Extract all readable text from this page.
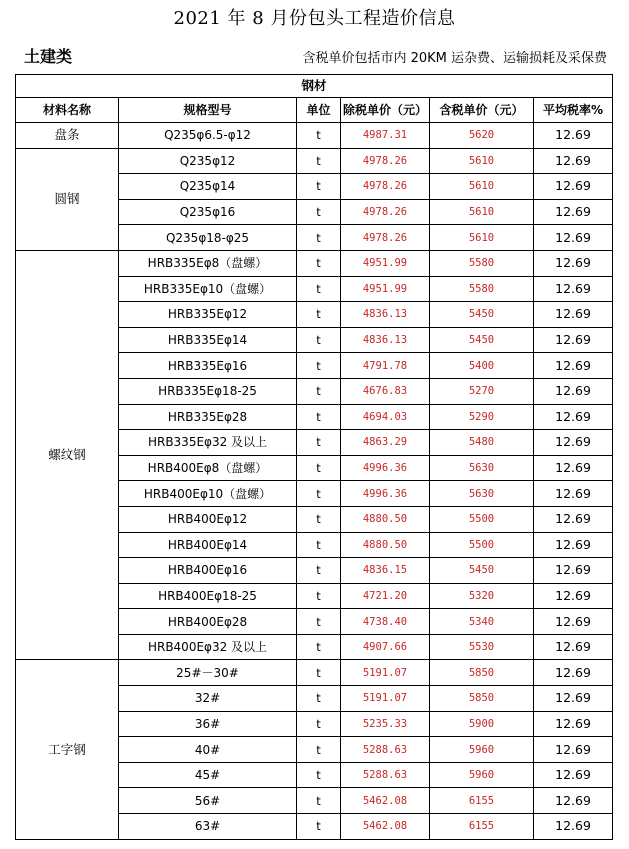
2021 年 8 月份包头工程造价信息
土建类	含税单价包括市内 20KM 运杂费、运输损耗及采保费
钢材					
材料名称	规格型号	单位	除税单价（元）	含税单价（元）	平均税率%
盘条	Q235φ6.5-φ12	t	4987.31	5620	12.69
圆钢	Q235φ12	t	4978.26	5610	12.69
	Q235φ14	t	4978.26	5610	12.69
	Q235φ16	t	4978.26	5610	12.69
	Q235φ18-φ25	t	4978.26	5610	12.69
螺纹钢	HRB335Eφ8（盘螺）	t	4951.99	5580	12.69
	HRB335Eφ10（盘螺）	t	4951.99	5580	12.69
	HRB335Eφ12	t	4836.13	5450	12.69
	HRB335Eφ14	t	4836.13	5450	12.69
	HRB335Eφ16	t	4791.78	5400	12.69
	HRB335Eφ18-25	t	4676.83	5270	12.69
	HRB335Eφ28	t	4694.03	5290	12.69
	HRB335Eφ32 及以上	t	4863.29	5480	12.69
	HRB400Eφ8（盘螺）	t	4996.36	5630	12.69
	HRB400Eφ10（盘螺）	t	4996.36	5630	12.69
	HRB400Eφ12	t	4880.50	5500	12.69
	HRB400Eφ14	t	4880.50	5500	12.69
	HRB400Eφ16	t	4836.15	5450	12.69
	HRB400Eφ18-25	t	4721.20	5320	12.69
	HRB400Eφ28	t	4738.40	5340	12.69
	HRB400Eφ32 及以上	t	4907.66	5530	12.69
工字钢	25#－30#	t	5191.07	5850	12.69
	32#	t	5191.07	5850	12.69
	36#	t	5235.33	5900	12.69
	40#	t	5288.63	5960	12.69
	45#	t	5288.63	5960	12.69
	56#	t	5462.08	6155	12.69
	63#	t	5462.08	6155	12.69
